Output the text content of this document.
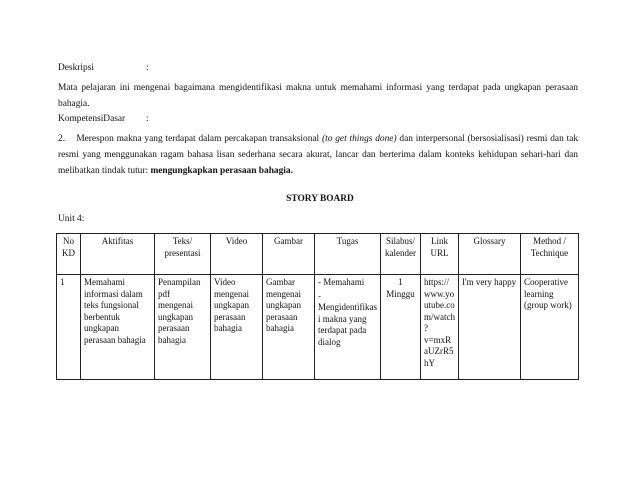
Deskripsi	:
Mata pelajaran ini mengenai bagaimana mengidentifikasi makna untuk memahami informasi yang terdapat pada ungkapan perasaan bahagia.
KompetensiDasar :
2. Merespon makna yang terdapat dalam percakapan transaksional (to get things done) dan interpersonal (bersosialisasi) resmi dan tak resmi yang menggunakan ragam bahasa lisan sederhana secara akurat, lancar dan berterima dalam konteks kehidupan sehari-hari dan melibatkan tindak tutur: mengungkapkan perasaan bahagia.
STORY BOARD
Unit 4:
No KD	Aktifitas	Teks/ presentasi	Video	Gambar	Tugas	Silabus/ kalender	Link URL	Glossary	Method / Technique
1	Memahami informasi dalam teks fungsional berbentuk ungkapan perasaan bahagia	Penampilan pdf mengenai ungkapan perasaan bahagia	Video mengenai ungkapan perasaan bahagia	Gambar mengenai ungkapan perasaan bahagia	- Memahami
- Mengidentifikasi makna yang terdapat pada dialog	1 Minggu	https://www.youtube.com/watch?v=mxRaUZrR5hY	I'm very happy	Cooperative learning (group work)
